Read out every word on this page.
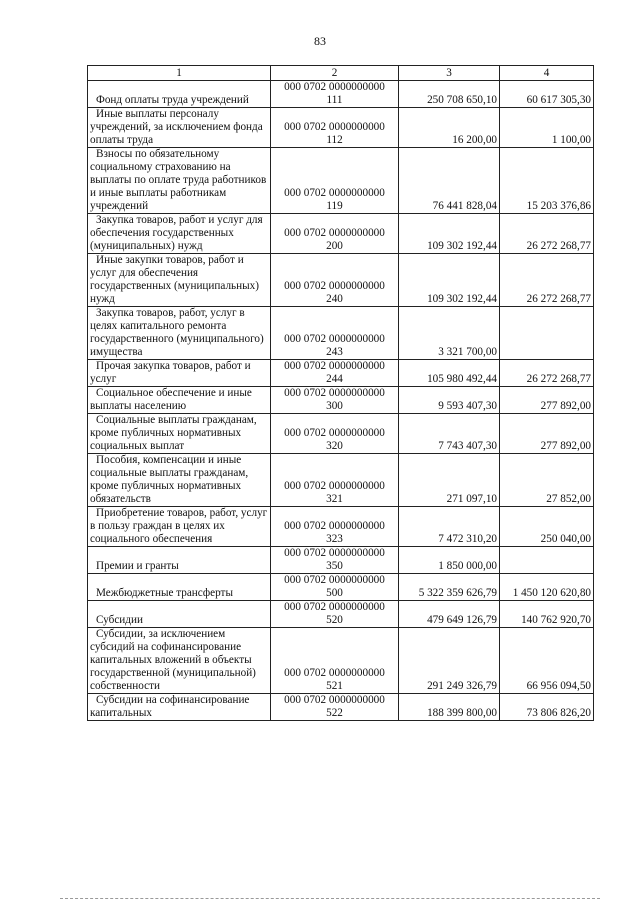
83
1	2	3	4

Фонд оплаты труда учреждений	000 0702 0000000000
111	250 708 650,10	60 617 305,30

Иные выплаты персоналу учреждений, за исключением фонда оплаты труда	000 0702 0000000000
112	16 200,00	1 100,00

Взносы по обязательному социальному страхованию на выплаты по оплате труда работников и иные выплаты работникам учреждений	000 0702 0000000000
119	76 441 828,04	15 203 376,86

Закупка товаров, работ и услуг для обеспечения государственных (муниципальных) нужд	000 0702 0000000000
200	109 302 192,44	26 272 268,77

Иные закупки товаров, работ и услуг для обеспечения государственных (муниципальных) нужд	000 0702 0000000000
240	109 302 192,44	26 272 268,77

Закупка товаров, работ, услуг в целях капитального ремонта государственного (муниципального) имущества	000 0702 0000000000
243	3 321 700,00	

Прочая закупка товаров, работ и услуг	000 0702 0000000000
244	105 980 492,44	26 272 268,77

Социальное обеспечение и иные выплаты населению	000 0702 0000000000
300	9 593 407,30	277 892,00

Социальные выплаты гражданам, кроме публичных нормативных социальных выплат	000 0702 0000000000
320	7 743 407,30	277 892,00

Пособия, компенсации и иные социальные выплаты гражданам, кроме публичных нормативных обязательств	000 0702 0000000000
321	271 097,10	27 852,00

Приобретение товаров, работ, услуг в пользу граждан в целях их социального обеспечения	000 0702 0000000000
323	7 472 310,20	250 040,00

Премии и гранты	000 0702 0000000000
350	1 850 000,00	

Межбюджетные трансферты	000 0702 0000000000
500	5 322 359 626,79	1 450 120 620,80

Субсидии	000 0702 0000000000
520	479 649 126,79	140 762 920,70

Субсидии, за исключением субсидий на софинансирование капитальных вложений в объекты государственной (муниципальной) собственности	000 0702 0000000000
521	291 249 326,79	66 956 094,50

Субсидии на софинансирование капитальных	000 0702 0000000000
522	188 399 800,00	73 806 826,20
